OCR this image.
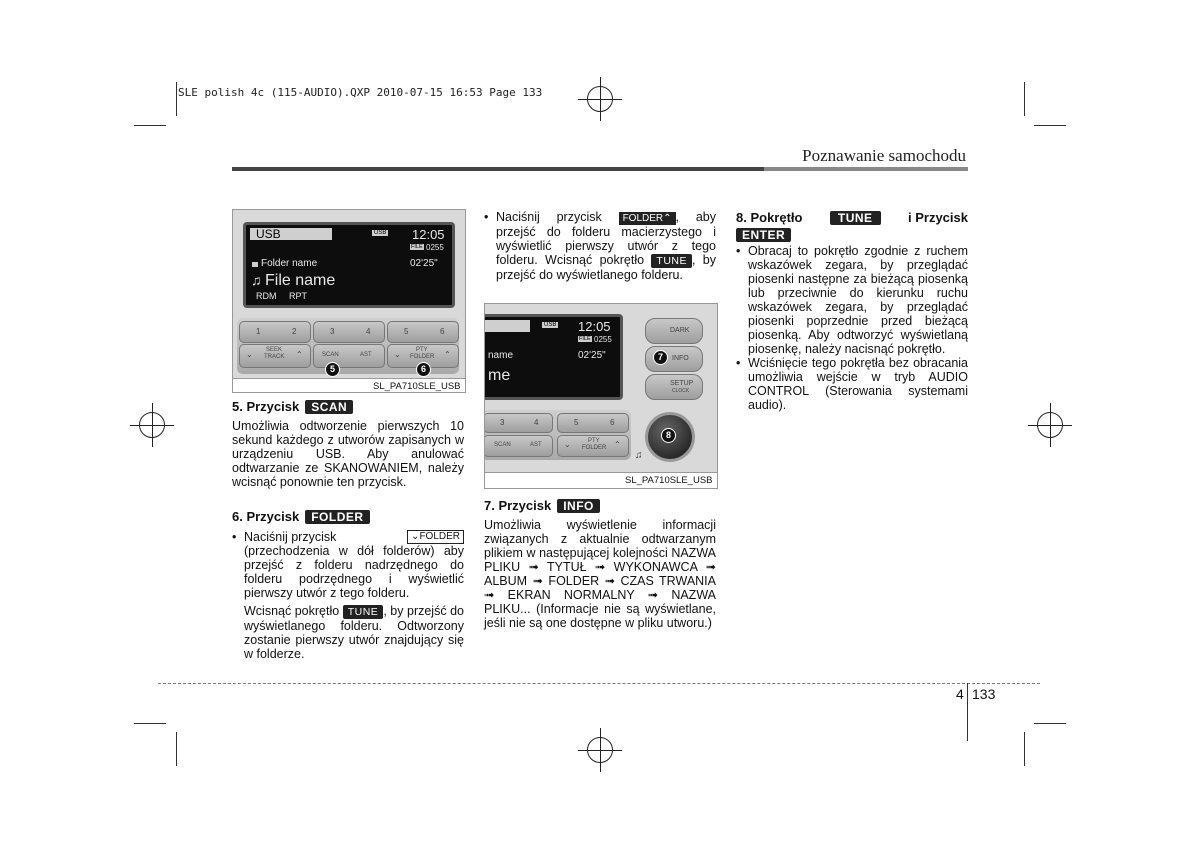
SLE polish 4c (115-AUDIO).QXP 2010-07-15 16:53 Page 133
Poznawanie samochodu
USB	USB 12:05
FILE 0255
Folder name	02'25"
♫ File name
RDM RPT
1	2	3	4	5	6
⌄ SEEK
TRACK ⌃	SCAN	AST	⌄	PTY
FOLDER ⌃
5	6
SL_PA710SLE_USB
USB 12:05
FILE 0255
name	02'25"
me
DARK
INFO
SETUP
CLOCK
7
3	4	5	6
SCAN	AST	⌄	PTY
FOLDER ⌃
8
♫
SL_PA710SLE_USB
5. Przycisk	SCAN

Umożliwia odtworzenie pierwszych 10 sekund każdego z utworów zapisanych w urządzeniu USB. Aby anulować odtwarzanie ze SKANOWANIEM, należy wcisnąć ponownie ten przycisk.

6. Przycisk	FOLDER
• Naciśnij przycisk	⌄FOLDER

(przechodzenia w dół folderów) aby przejść z folderu nadrzędnego do folderu podrzędnego i wyświetlić pierwszy utwór z tego folderu.

Wcisnąć pokrętło TUNE , by przejść do wyświetlanego folderu. Odtworzony zostanie pierwszy utwór znajdujący się w folderze.

• Naciśnij przycisk FOLDER⌃ , aby przejść do folderu macierzystego i wyświetlić pierwszy utwór z tego folderu. Wcisnąć pokrętło TUNE , by przejść do wyświetlanego folderu.
7. Przycisk	INFO

Umożliwia wyświetlenie informacji związanych z aktualnie odtwarzanym plikiem w następującej kolejności NAZWA PLIKU ➟ TYTUŁ ➟ WYKONAWCA ➟ ALBUM ➟ FOLDER ➟ CZAS TRWANIA ➟ EKRAN NORMALNY ➟ NAZWA PLIKU... (Informacje nie są wyświetlane, jeśli nie są one dostępne w pliku utworu.)

8. Pokrętło	TUNE	i Przycisk
ENTER
• Obracaj to pokrętło zgodnie z ruchem wskazówek zegara, by przeglądać piosenki następne za bieżącą piosenką lub przeciwnie do kierunku ruchu wskazówek zegara, by przeglądać piosenki poprzednie przed bieżącą piosenką. Aby odtworzyć wyświetlaną piosenkę, należy nacisnąć pokrętło.
• Wciśnięcie tego pokrętła bez obracania umożliwia wejście w tryb AUDIO CONTROL (Sterowania systemami audio).
4 133
